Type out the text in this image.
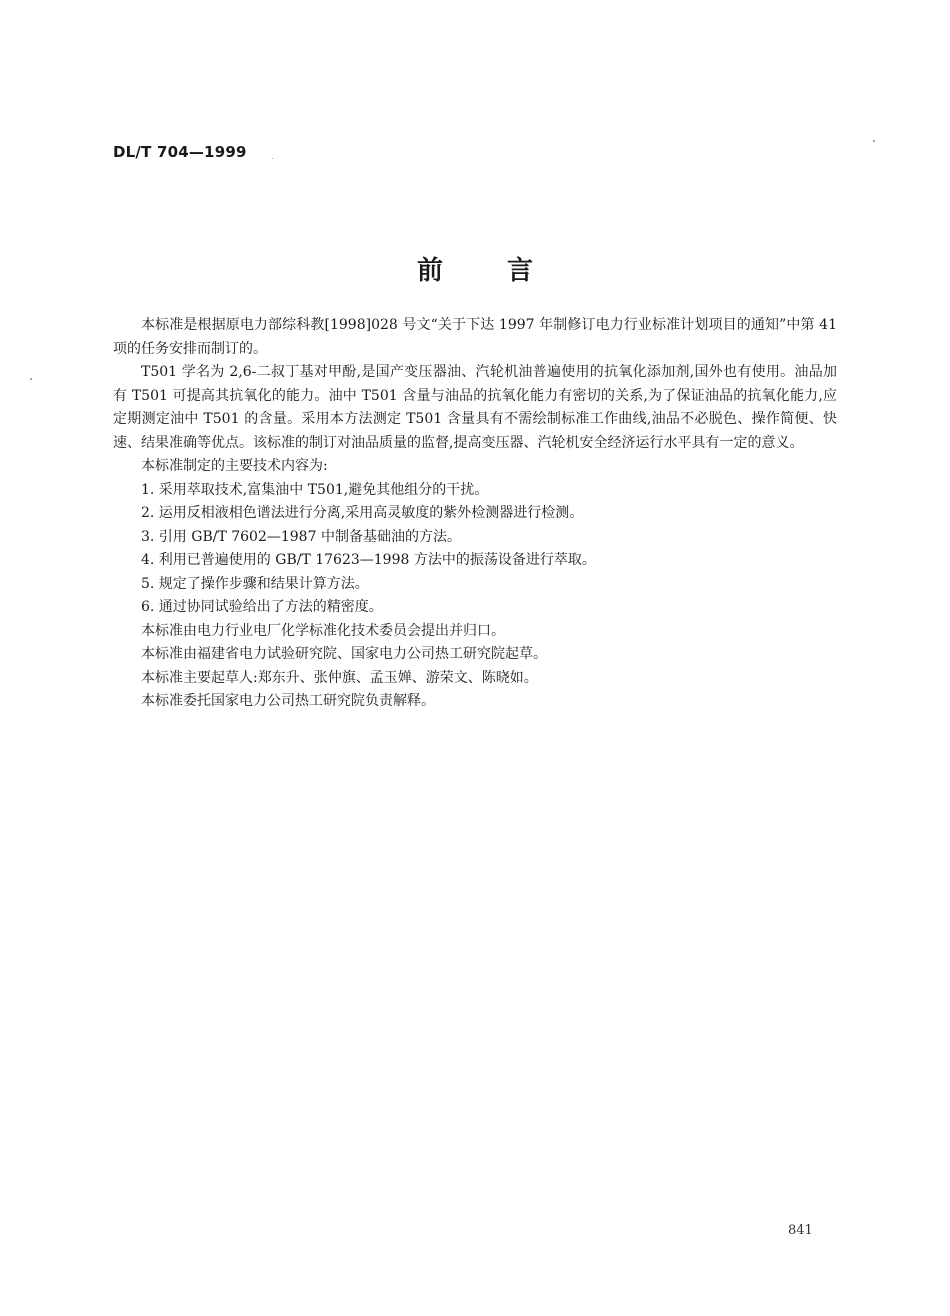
DL/T 704—1999
前 言

本标准是根据原电力部综科教[1998]028 号文“关于下达 1997 年制修订电力行业标准计划项目的通知”中第 41 项的任务安排而制订的。

T501 学名为 2,6-二叔丁基对甲酚,是国产变压器油、汽轮机油普遍使用的抗氧化添加剂,国外也有使用。油品加有 T501 可提高其抗氧化的能力。油中 T501 含量与油品的抗氧化能力有密切的关系,为了保证油品的抗氧化能力,应定期测定油中 T501 的含量。采用本方法测定 T501 含量具有不需绘制标准工作曲线,油品不必脱色、操作简便、快速、结果准确等优点。该标准的制订对油品质量的监督,提高变压器、汽轮机安全经济运行水平具有一定的意义。

本标准制定的主要技术内容为:

1. 采用萃取技术,富集油中 T501,避免其他组分的干扰。

2. 运用反相液相色谱法进行分离,采用高灵敏度的紫外检测器进行检测。

3. 引用 GB/T 7602—1987 中制备基础油的方法。

4. 利用已普遍使用的 GB/T 17623—1998 方法中的振荡设备进行萃取。

5. 规定了操作步骤和结果计算方法。

6. 通过协同试验给出了方法的精密度。

本标准由电力行业电厂化学标准化技术委员会提出并归口。

本标准由福建省电力试验研究院、国家电力公司热工研究院起草。

本标准主要起草人:郑东升、张仲旗、孟玉婵、游荣文、陈晓如。

本标准委托国家电力公司热工研究院负责解释。

841
